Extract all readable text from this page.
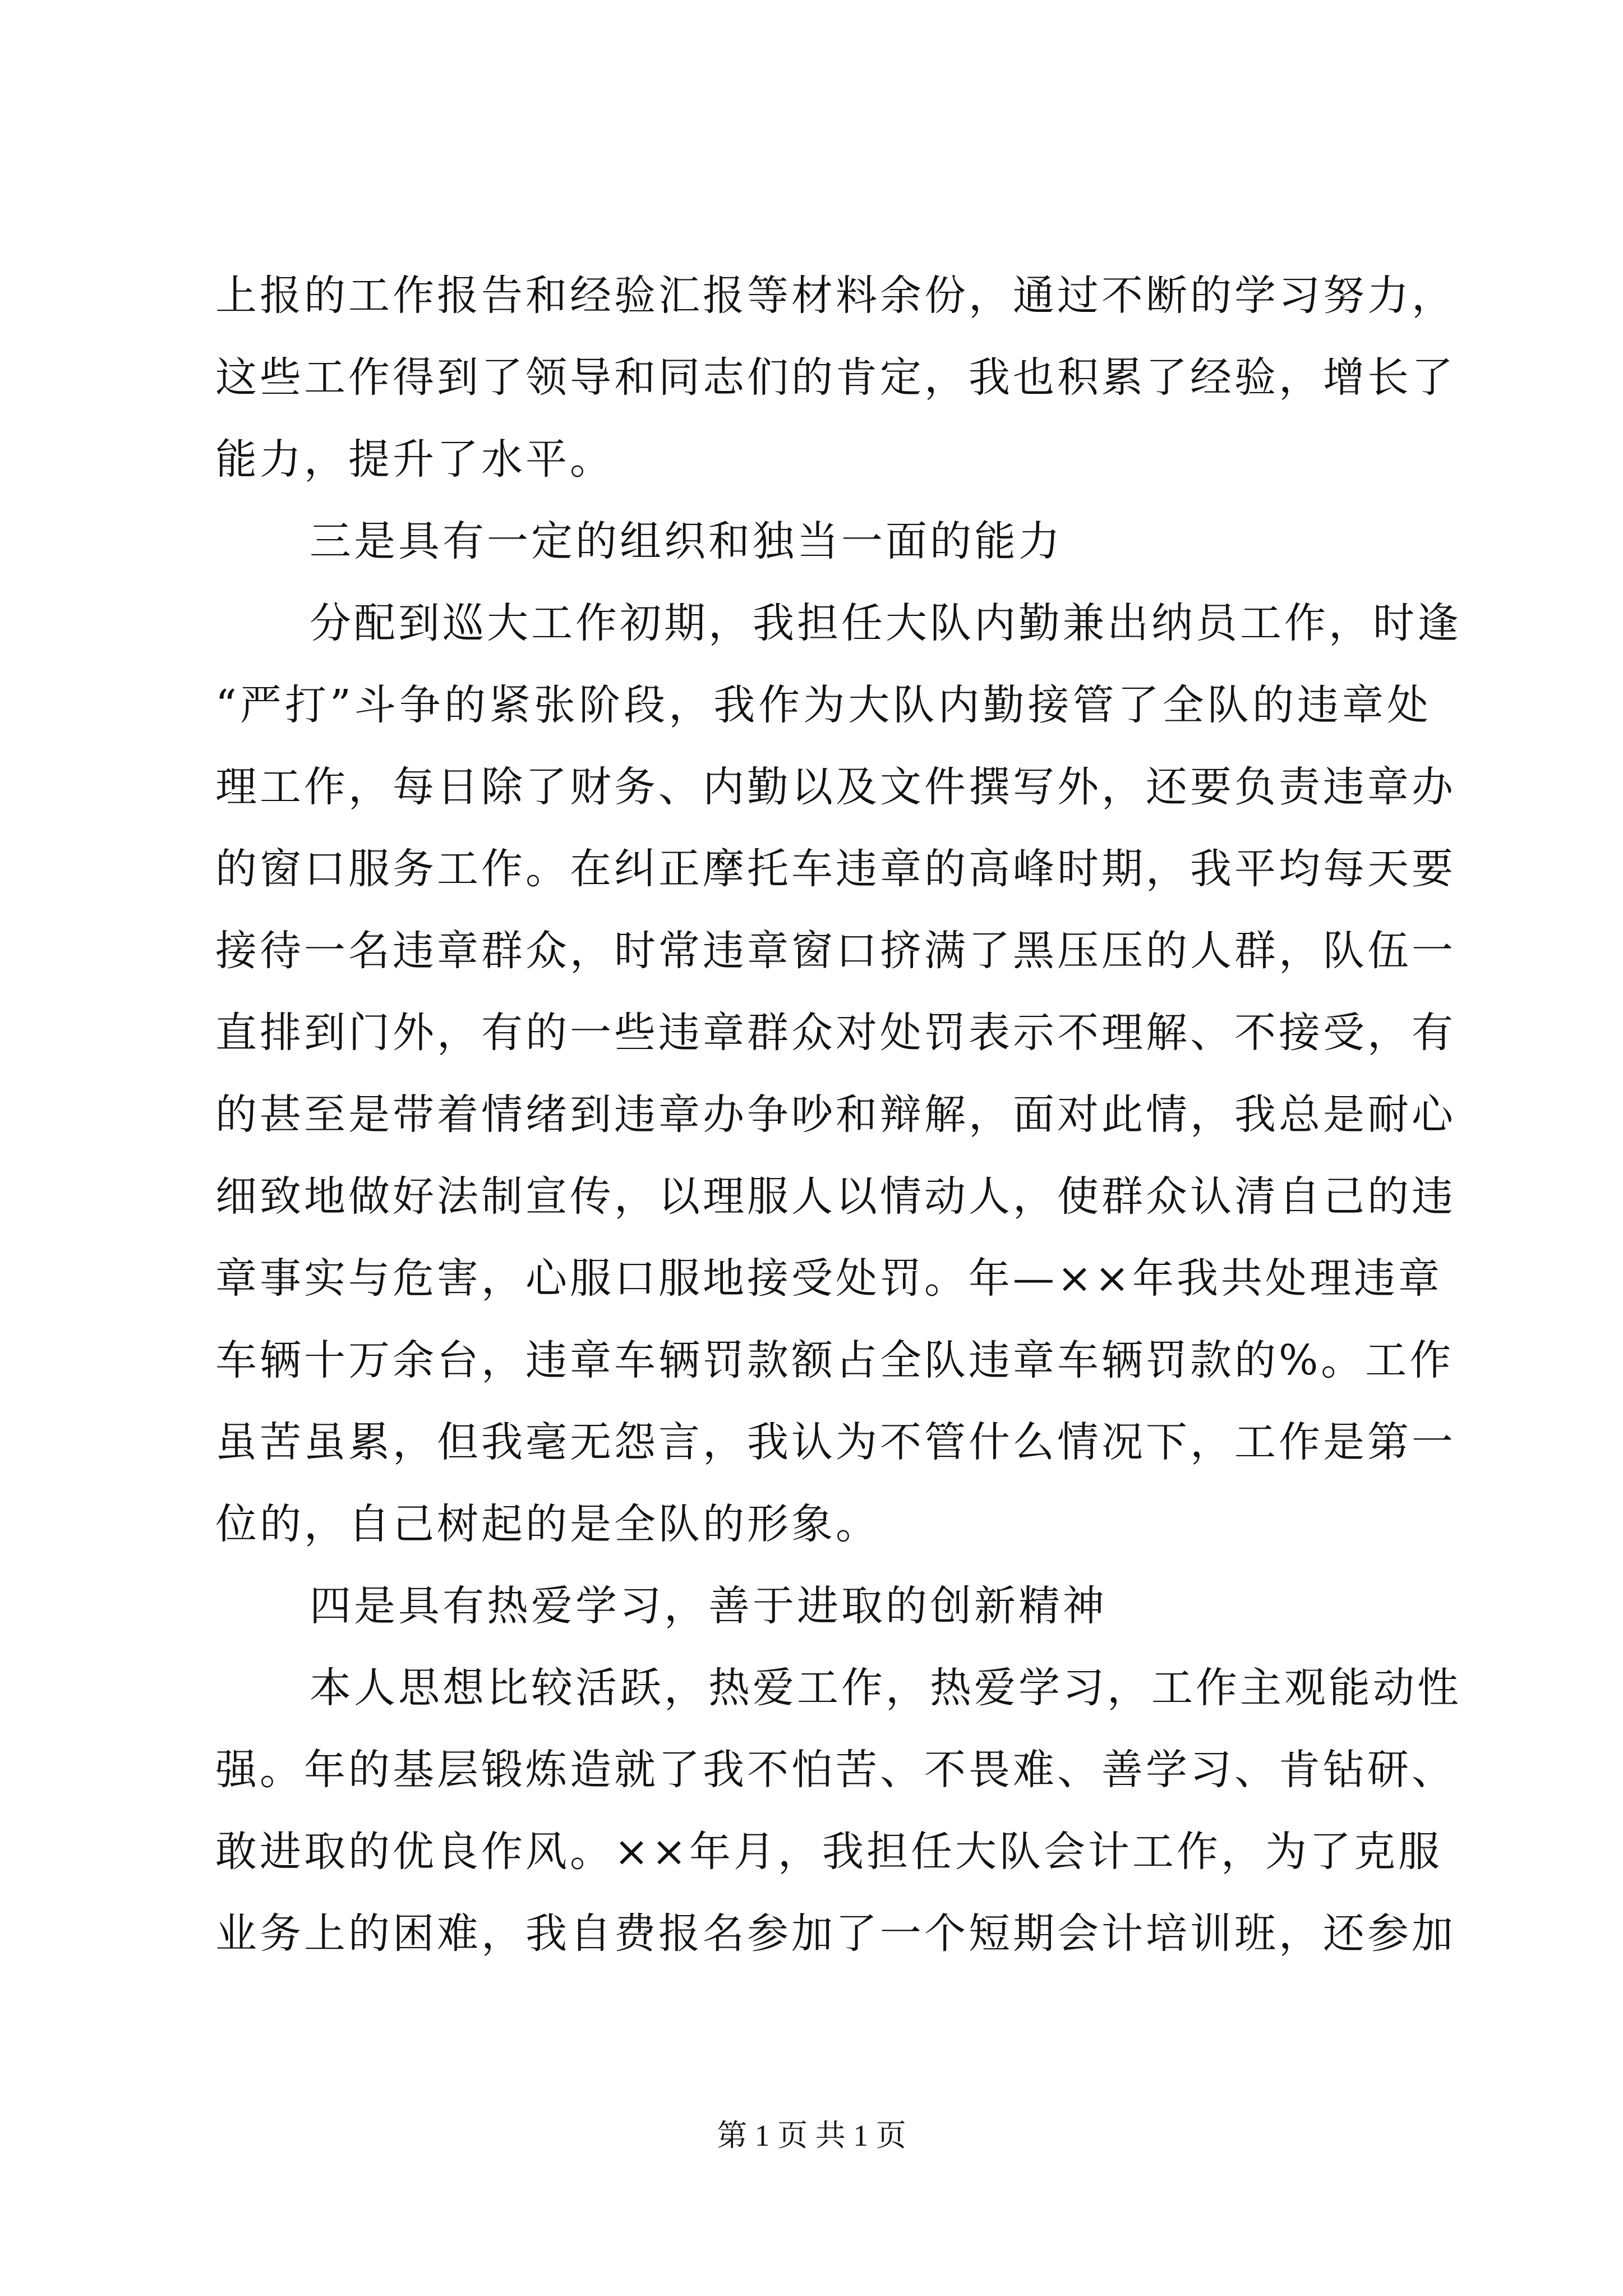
上报的工作报告和经验汇报等材料余份，通过不断的学习努力，
这些工作得到了领导和同志们的肯定，我也积累了经验，增长了
能力，提升了水平。
三是具有一定的组织和独当一面的能力
分配到巡大工作初期，我担任大队内勤兼出纳员工作，时逢
“严打”斗争的紧张阶段，我作为大队内勤接管了全队的违章处
理工作，每日除了财务、内勤以及文件撰写外，还要负责违章办
的窗口服务工作。在纠正摩托车违章的高峰时期，我平均每天要
接待一名违章群众，时常违章窗口挤满了黑压压的人群，队伍一
直排到门外，有的一些违章群众对处罚表示不理解、不接受，有
的甚至是带着情绪到违章办争吵和辩解，面对此情，我总是耐心
细致地做好法制宣传，以理服人以情动人，使群众认清自己的违
章事实与危害，心服口服地接受处罚。年—××年我共处理违章
车辆十万余台，违章车辆罚款额占全队违章车辆罚款的%。工作
虽苦虽累，但我毫无怨言，我认为不管什么情况下，工作是第一
位的，自己树起的是全队的形象。
四是具有热爱学习，善于进取的创新精神
本人思想比较活跃，热爱工作，热爱学习，工作主观能动性
强。年的基层锻炼造就了我不怕苦、不畏难、善学习、肯钻研、
敢进取的优良作风。××年月，我担任大队会计工作，为了克服
业务上的困难，我自费报名参加了一个短期会计培训班，还参加
第 1 页 共 1 页
